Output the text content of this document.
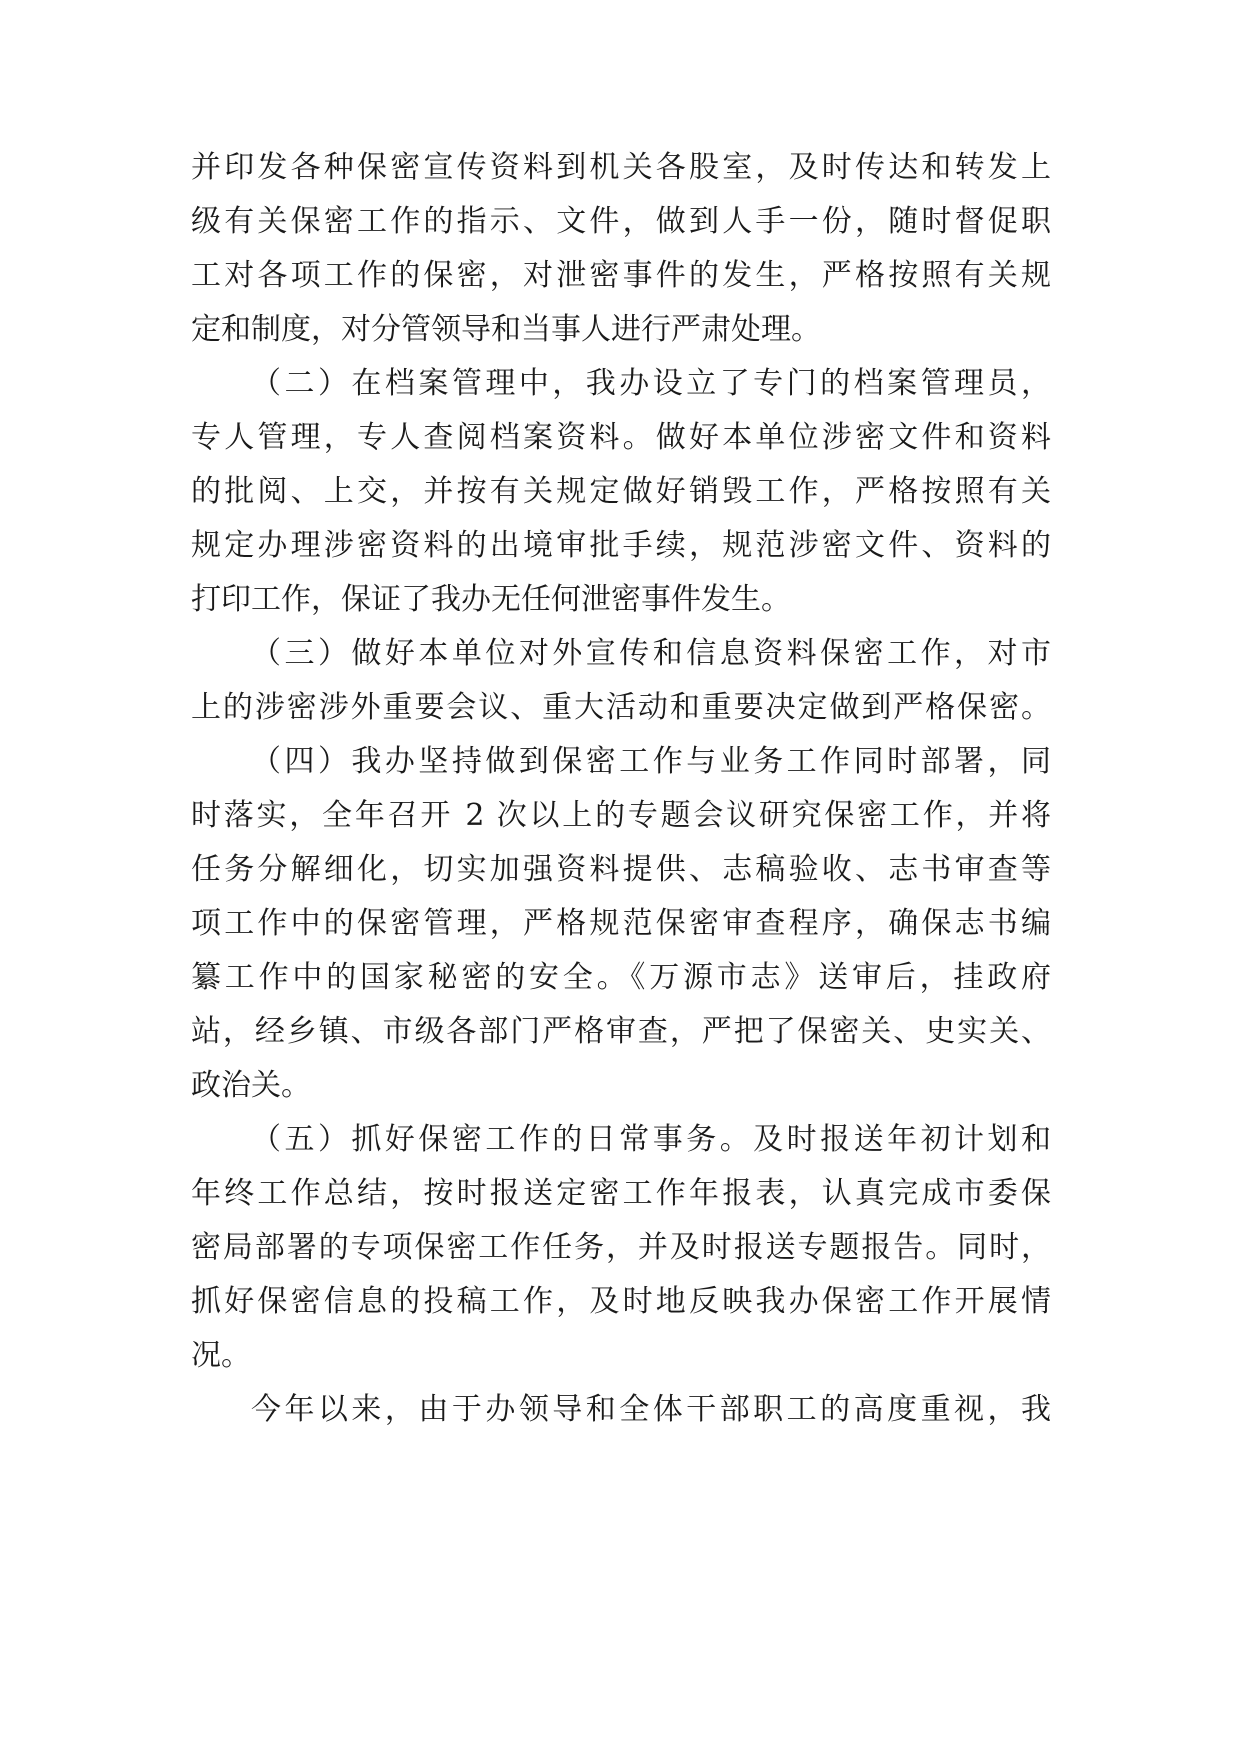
并印发各种保密宣传资料到机关各股室，及时传达和转发上
级有关保密工作的指示、文件，做到人手一份，随时督促职
工对各项工作的保密，对泄密事件的发生，严格按照有关规
定和制度，对分管领导和当事人进行严肃处理。
（二）在档案管理中，我办设立了专门的档案管理员，
专人管理，专人查阅档案资料。做好本单位涉密文件和资料
的批阅、上交，并按有关规定做好销毁工作，严格按照有关
规定办理涉密资料的出境审批手续，规范涉密文件、资料的
打印工作，保证了我办无任何泄密事件发生。
（三）做好本单位对外宣传和信息资料保密工作，对市
上的涉密涉外重要会议、重大活动和重要决定做到严格保密。
（四）我办坚持做到保密工作与业务工作同时部署，同
时落实，全年召开 2 次以上的专题会议研究保密工作，并将
任务分解细化，切实加强资料提供、志稿验收、志书审查等
项工作中的保密管理，严格规范保密审查程序，确保志书编
纂工作中的国家秘密的安全。《万源市志》送审后，挂政府
站，经乡镇、市级各部门严格审查，严把了保密关、史实关、
政治关。
（五）抓好保密工作的日常事务。及时报送年初计划和
年终工作总结，按时报送定密工作年报表，认真完成市委保
密局部署的专项保密工作任务，并及时报送专题报告。同时，
抓好保密信息的投稿工作，及时地反映我办保密工作开展情
况。
今年以来，由于办领导和全体干部职工的高度重视，我
